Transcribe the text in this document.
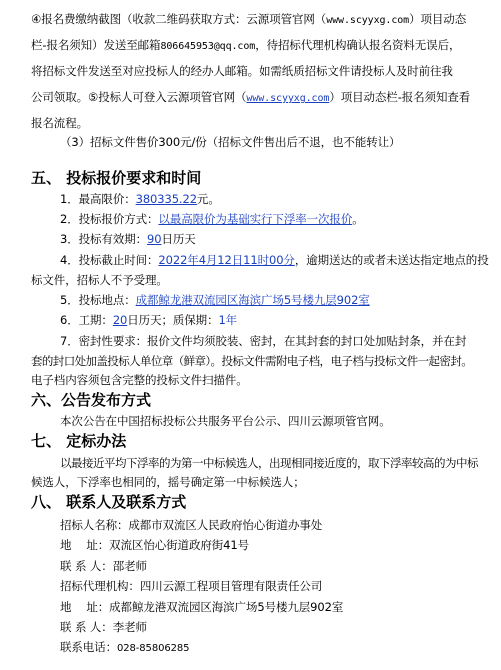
④报名费缴纳截图（收款二维码获取方式：云源项管官网（www.scyyxg.com）项目动态
栏-报名须知）发送至邮箱806645953@qq.com，待招标代理机构确认报名资料无误后，
将招标文件发送至对应投标人的经办人邮箱。如需纸质招标文件请投标人及时前往我
公司领取。⑤投标人可登入云源项管官网（www.scyyxg.com）项目动态栏-报名须知查看
报名流程。
（3）招标文件售价300元/份（招标文件售出后不退，也不能转让）
五、 投标报价要求和时间
1．最高限价：380335.22元。
2．投标报价方式：以最高限价为基础实行下浮率一次报价。
3．投标有效期：90日历天
4．投标截止时间：2022年4月12日11时00分，逾期送达的或者未送达指定地点的投
标文件，招标人不予受理。
5．投标地点：成都鲸龙港双流园区海滨广场5号楼九层902室
6．工期：20日历天；质保期：1年
7．密封性要求：报价文件均须胶装、密封，在其封套的封口处加贴封条，并在封
套的封口处加盖投标人单位章（鲜章）。投标文件需附电子档，电子档与投标文件一起密封。
电子档内容须包含完整的投标文件扫描件。
六、公告发布方式
本次公告在中国招标投标公共服务平台公示、四川云源项管官网。
七、 定标办法
以最接近平均下浮率的为第一中标候选人，出现相同接近度的，取下浮率较高的为中标
候选人，下浮率也相同的，摇号确定第一中标候选人；
八、 联系人及联系方式
招标人名称：成都市双流区人民政府怡心街道办事处
地　 址：双流区怡心街道政府街41号
联 系 人：邵老师
招标代理机构：四川云源工程项目管理有限责任公司
地　 址：成都鲸龙港双流园区海滨广场5号楼九层902室
联 系 人：李老师
联系电话：028-85806285
